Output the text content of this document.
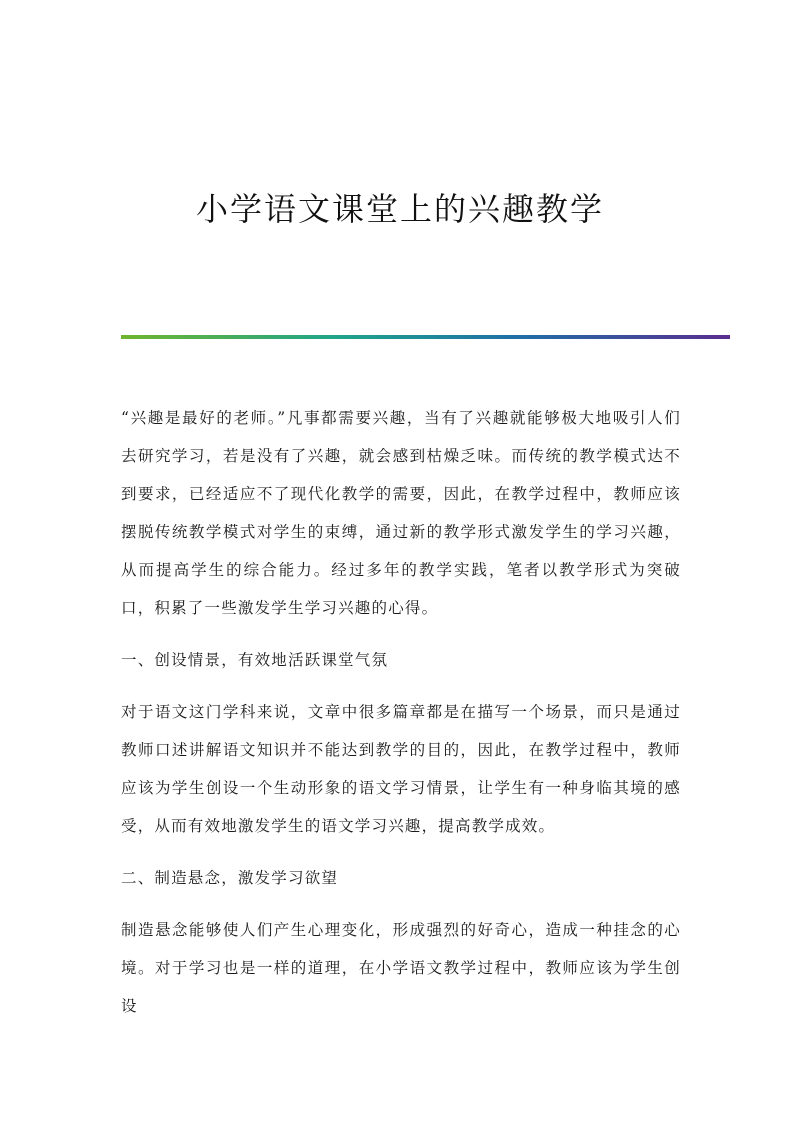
小学语文课堂上的兴趣教学

“兴趣是最好的老师。”凡事都需要兴趣，当有了兴趣就能够极大地吸引人们去研究学习，若是没有了兴趣，就会感到枯燥乏味。而传统的教学模式达不到要求，已经适应不了现代化教学的需要，因此，在教学过程中，教师应该摆脱传统教学模式对学生的束缚，通过新的教学形式激发学生的学习兴趣，从而提高学生的综合能力。经过多年的教学实践，笔者以教学形式为突破口，积累了一些激发学生学习兴趣的心得。

一、创设情景，有效地活跃课堂气氛

对于语文这门学科来说，文章中很多篇章都是在描写一个场景，而只是通过教师口述讲解语文知识并不能达到教学的目的，因此，在教学过程中，教师应该为学生创设一个生动形象的语文学习情景，让学生有一种身临其境的感受，从而有效地激发学生的语文学习兴趣，提高教学成效。

二、制造悬念，激发学习欲望

制造悬念能够使人们产生心理变化，形成强烈的好奇心，造成一种挂念的心境。对于学习也是一样的道理，在小学语文教学过程中，教师应该为学生创设
